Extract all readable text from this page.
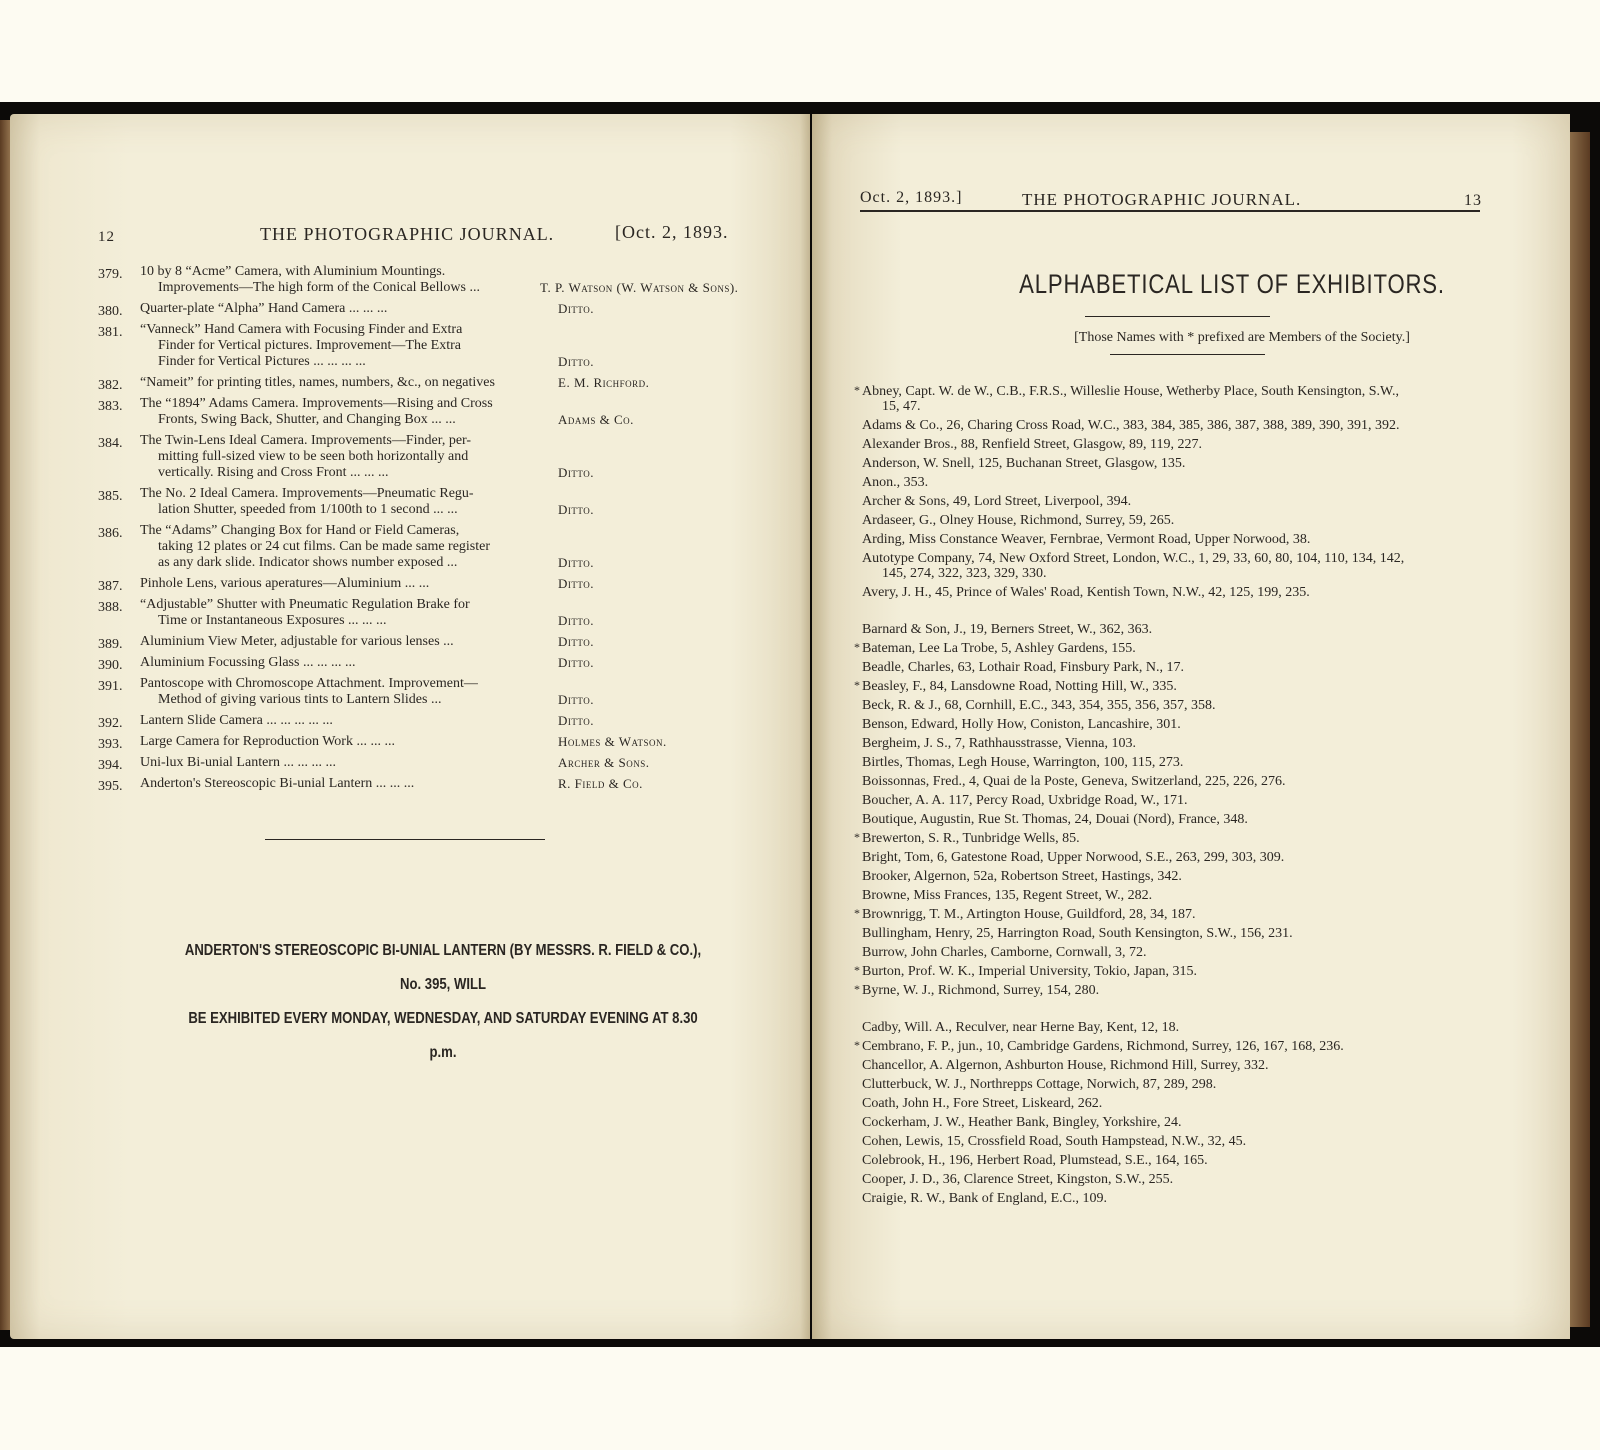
12	THE PHOTOGRAPHIC JOURNAL.	[Oct. 2, 1893.
379.	10 by 8 “Acme” Camera, with Aluminium Mountings.
Improvements—The high form of the Conical Bellows ...	T. P. Watson (W. Watson & Sons).
380.	Quarter-plate “Alpha” Hand Camera ... ... ...	Ditto.
381.	“Vanneck” Hand Camera with Focusing Finder and Extra
Finder for Vertical pictures. Improvement—The Extra
Finder for Vertical Pictures ... ... ... ...	Ditto.
382.	“Nameit” for printing titles, names, numbers, &c., on negatives	E. M. Richford.
383.	The “1894” Adams Camera. Improvements—Rising and Cross
Fronts, Swing Back, Shutter, and Changing Box ... ...	Adams & Co.
384.	The Twin-Lens Ideal Camera. Improvements—Finder, per-
mitting full-sized view to be seen both horizontally and
vertically. Rising and Cross Front ... ... ...	Ditto.
385.	The No. 2 Ideal Camera. Improvements—Pneumatic Regu-
lation Shutter, speeded from 1/100th to 1 second ... ...	Ditto.
386.	The “Adams” Changing Box for Hand or Field Cameras,
taking 12 plates or 24 cut films. Can be made same register
as any dark slide. Indicator shows number exposed ...	Ditto.
387.	Pinhole Lens, various aperatures—Aluminium ... ...	Ditto.
388.	“Adjustable” Shutter with Pneumatic Regulation Brake for
Time or Instantaneous Exposures ... ... ...	Ditto.
389.	Aluminium View Meter, adjustable for various lenses ...	Ditto.
390.	Aluminium Focussing Glass ... ... ... ...	Ditto.
391.	Pantoscope with Chromoscope Attachment. Improvement—
Method of giving various tints to Lantern Slides ...	Ditto.
392.	Lantern Slide Camera ... ... ... ... ...	Ditto.
393.	Large Camera for Reproduction Work ... ... ...	Holmes & Watson.
394.	Uni-lux Bi-unial Lantern ... ... ... ...	Archer & Sons.
395.	Anderton's Stereoscopic Bi-unial Lantern ... ... ...	R. Field & Co.
ANDERTON'S STEREOSCOPIC BI-UNIAL LANTERN (BY MESSRS. R. FIELD & CO.), No. 395, WILL
BE EXHIBITED EVERY MONDAY, WEDNESDAY, AND SATURDAY EVENING AT 8.30 p.m.
Oct. 2, 1893.]	THE PHOTOGRAPHIC JOURNAL.	13
ALPHABETICAL LIST OF EXHIBITORS.
[Those Names with * prefixed are Members of the Society.]
* Abney, Capt. W. de W., C.B., F.R.S., Willeslie House, Wetherby Place, South Kensington, S.W.,
15, 47.
Adams & Co., 26, Charing Cross Road, W.C., 383, 384, 385, 386, 387, 388, 389, 390, 391, 392.
Alexander Bros., 88, Renfield Street, Glasgow, 89, 119, 227.
Anderson, W. Snell, 125, Buchanan Street, Glasgow, 135.
Anon., 353.
Archer & Sons, 49, Lord Street, Liverpool, 394.
Ardaseer, G., Olney House, Richmond, Surrey, 59, 265.
Arding, Miss Constance Weaver, Fernbrae, Vermont Road, Upper Norwood, 38.
Autotype Company, 74, New Oxford Street, London, W.C., 1, 29, 33, 60, 80, 104, 110, 134, 142,
145, 274, 322, 323, 329, 330.
Avery, J. H., 45, Prince of Wales' Road, Kentish Town, N.W., 42, 125, 199, 235.
Barnard & Son, J., 19, Berners Street, W., 362, 363.
* Bateman, Lee La Trobe, 5, Ashley Gardens, 155.
Beadle, Charles, 63, Lothair Road, Finsbury Park, N., 17.
* Beasley, F., 84, Lansdowne Road, Notting Hill, W., 335.
Beck, R. & J., 68, Cornhill, E.C., 343, 354, 355, 356, 357, 358.
Benson, Edward, Holly How, Coniston, Lancashire, 301.
Bergheim, J. S., 7, Rathhausstrasse, Vienna, 103.
Birtles, Thomas, Legh House, Warrington, 100, 115, 273.
Boissonnas, Fred., 4, Quai de la Poste, Geneva, Switzerland, 225, 226, 276.
Boucher, A. A. 117, Percy Road, Uxbridge Road, W., 171.
Boutique, Augustin, Rue St. Thomas, 24, Douai (Nord), France, 348.
* Brewerton, S. R., Tunbridge Wells, 85.
Bright, Tom, 6, Gatestone Road, Upper Norwood, S.E., 263, 299, 303, 309.
Brooker, Algernon, 52a, Robertson Street, Hastings, 342.
Browne, Miss Frances, 135, Regent Street, W., 282.
* Brownrigg, T. M., Artington House, Guildford, 28, 34, 187.
Bullingham, Henry, 25, Harrington Road, South Kensington, S.W., 156, 231.
Burrow, John Charles, Camborne, Cornwall, 3, 72.
* Burton, Prof. W. K., Imperial University, Tokio, Japan, 315.
* Byrne, W. J., Richmond, Surrey, 154, 280.
Cadby, Will. A., Reculver, near Herne Bay, Kent, 12, 18.
* Cembrano, F. P., jun., 10, Cambridge Gardens, Richmond, Surrey, 126, 167, 168, 236.
Chancellor, A. Algernon, Ashburton House, Richmond Hill, Surrey, 332.
Clutterbuck, W. J., Northrepps Cottage, Norwich, 87, 289, 298.
Coath, John H., Fore Street, Liskeard, 262.
Cockerham, J. W., Heather Bank, Bingley, Yorkshire, 24.
Cohen, Lewis, 15, Crossfield Road, South Hampstead, N.W., 32, 45.
Colebrook, H., 196, Herbert Road, Plumstead, S.E., 164, 165.
Cooper, J. D., 36, Clarence Street, Kingston, S.W., 255.
Craigie, R. W., Bank of England, E.C., 109.
